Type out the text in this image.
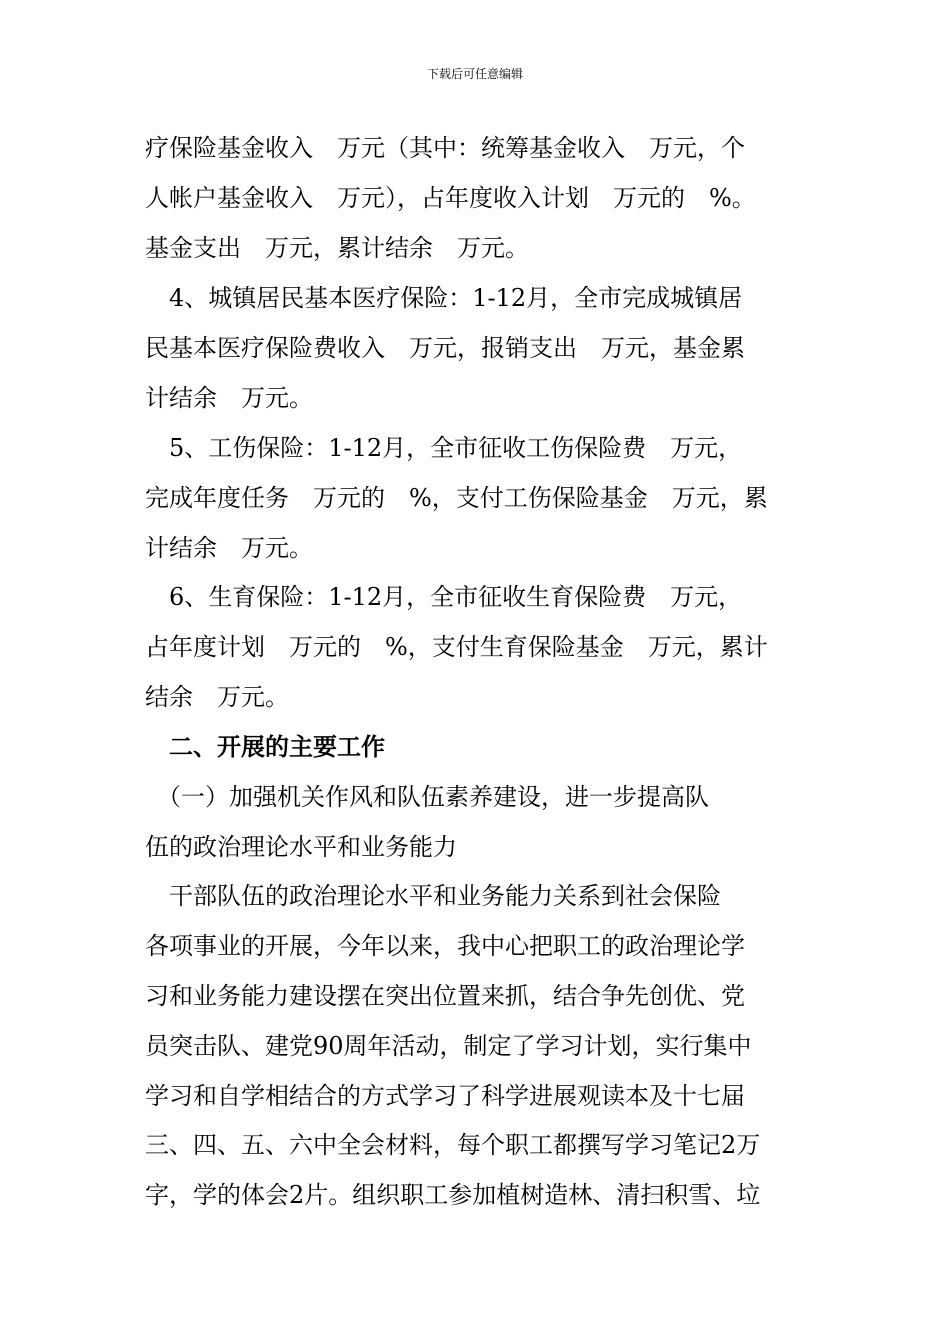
下载后可任意编辑
疗保险基金收入　万元（其中：统筹基金收入　万元，个
人帐户基金收入　万元），占年度收入计划　万元的　%。
基金支出　万元，累计结余　万元。
　4、城镇居民基本医疗保险：1-12月，全市完成城镇居
民基本医疗保险费收入　万元，报销支出　万元，基金累
计结余　万元。
　5、工伤保险：1-12月，全市征收工伤保险费　万元，
完成年度任务　万元的　%，支付工伤保险基金　万元，累
计结余　万元。
　6、生育保险：1-12月，全市征收生育保险费　万元，
占年度计划　万元的　%，支付生育保险基金　万元，累计
结余　万元。
　二、开展的主要工作
　（一）加强机关作风和队伍素养建设，进一步提高队
伍的政治理论水平和业务能力
　干部队伍的政治理论水平和业务能力关系到社会保险
各项事业的开展，今年以来，我中心把职工的政治理论学
习和业务能力建设摆在突出位置来抓，结合争先创优、党
员突击队、建党90周年活动，制定了学习计划，实行集中
学习和自学相结合的方式学习了科学进展观读本及十七届
三、四、五、六中全会材料，每个职工都撰写学习笔记2万
字，学的体会2片。组织职工参加植树造林、清扫积雪、垃
